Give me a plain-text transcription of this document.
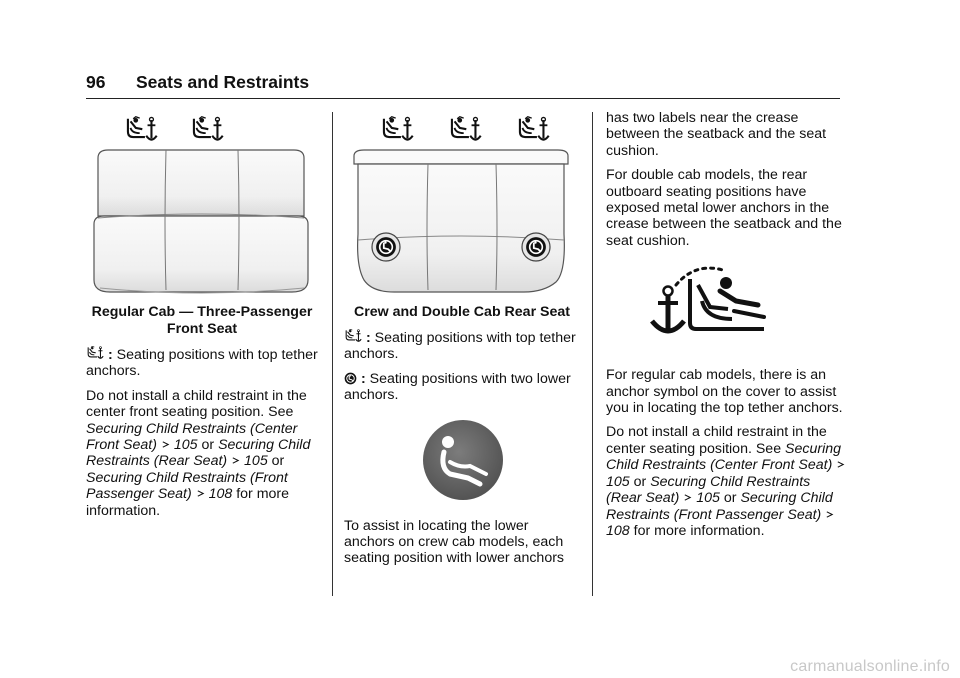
96 Seats and Restraints
Regular Cab — Three-Passenger Front Seat

: Seating positions with top tether anchors.

Do not install a child restraint in the center front seating position. See Securing Child Restraints (Center Front Seat) 105 or Securing Child Restraints (Rear Seat) 105 or Securing Child Restraints (Front Passenger Seat) 108 for more information.

Crew and Double Cab Rear Seat

: Seating positions with top tether anchors.

: Seating positions with two lower anchors.

To assist in locating the lower anchors on crew cab models, each seating position with lower anchors

has two labels near the crease between the seatback and the seat cushion.

For double cab models, the rear outboard seating positions have exposed metal lower anchors in the crease between the seatback and the seat cushion.

For regular cab models, there is an anchor symbol on the cover to assist you in locating the top tether anchors.

Do not install a child restraint in the center seating position. See Securing Child Restraints (Center Front Seat)  105 or Securing Child Restraints (Rear Seat) 105 or Securing Child Restraints (Front Passenger Seat)  108 for more information.

carmanualsonline.info
